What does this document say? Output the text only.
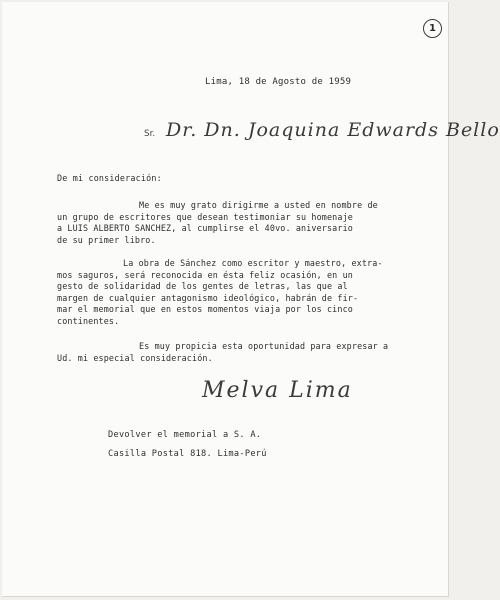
1
Lima, 18 de Agosto de 1959
Sr. Dr. Dn. Joaquina Edwards Bello
De mi consideración:
Me es muy grato dirigirme a usted en nombre de
un grupo de escritores que desean testimoniar su homenaje
a LUIS ALBERTO SANCHEZ, al cumplirse el 40vo. aniversario
de su primer libro.
La obra de Sánchez como escritor y maestro, extra-
mos saguros, será reconocida en ésta feliz ocasión, en un
gesto de solidaridad de los gentes de letras, las que al
margen de cualquier antagonismo ideológico, habrán de fir-
mar el memorial que en estos momentos viaja por los cinco
continentes.
Es muy propicia esta oportunidad para expresar a
Ud. mi especial consideración.
Melva Lima
Devolver el memorial a S. A.
Casilla Postal 818. Lima-Perú
